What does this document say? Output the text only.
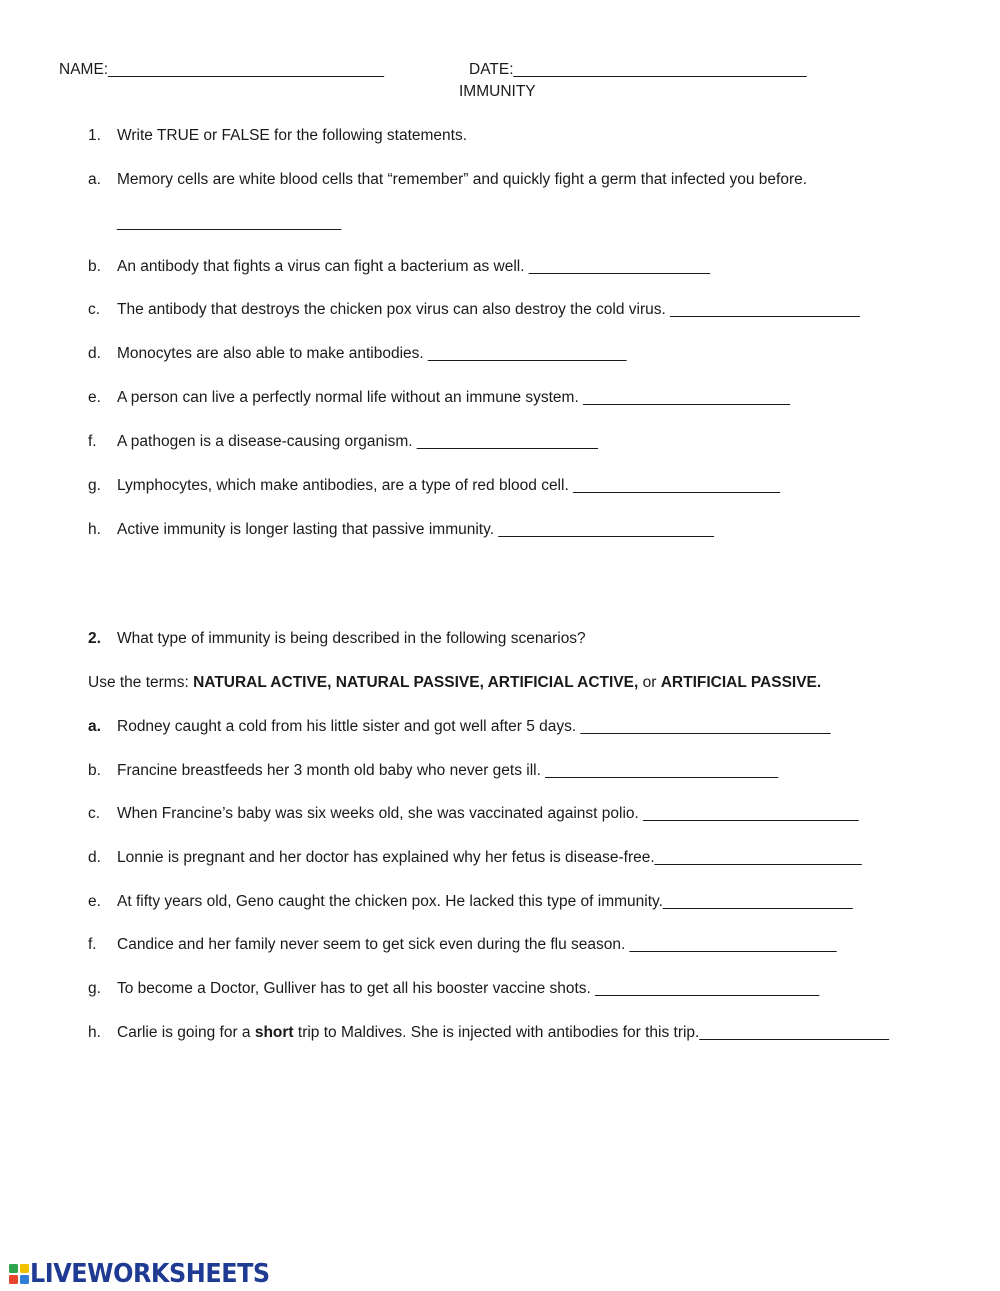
NAME:________________________________	DATE:__________________________________
IMMUNITY
1. Write TRUE or FALSE for the following statements.
a. Memory cells are white blood cells that “remember” and quickly fight a germ that infected you before.
__________________________
b. An antibody that fights a virus can fight a bacterium as well. _____________________
c. The antibody that destroys the chicken pox virus can also destroy the cold virus. ______________________
d. Monocytes are also able to make antibodies. _______________________
e. A person can live a perfectly normal life without an immune system. ________________________
f. A pathogen is a disease-causing organism. _____________________
g. Lymphocytes, which make antibodies, are a type of red blood cell. ________________________
h. Active immunity is longer lasting that passive immunity. _________________________
2. What type of immunity is being described in the following scenarios?
Use the terms: NATURAL ACTIVE, NATURAL PASSIVE, ARTIFICIAL ACTIVE, or ARTIFICIAL PASSIVE.
a. Rodney caught a cold from his little sister and got well after 5 days. _____________________________
b. Francine breastfeeds her 3 month old baby who never gets ill. ___________________________
c. When Francine’s baby was six weeks old, she was vaccinated against polio. _________________________
d. Lonnie is pregnant and her doctor has explained why her fetus is disease-free.________________________
e. At fifty years old, Geno caught the chicken pox. He lacked this type of immunity.______________________
f. Candice and her family never seem to get sick even during the flu season. ________________________
g. To become a Doctor, Gulliver has to get all his booster vaccine shots. __________________________
h. Carlie is going for a short trip to Maldives. She is injected with antibodies for this trip.______________________
LIVEWORKSHEETS
